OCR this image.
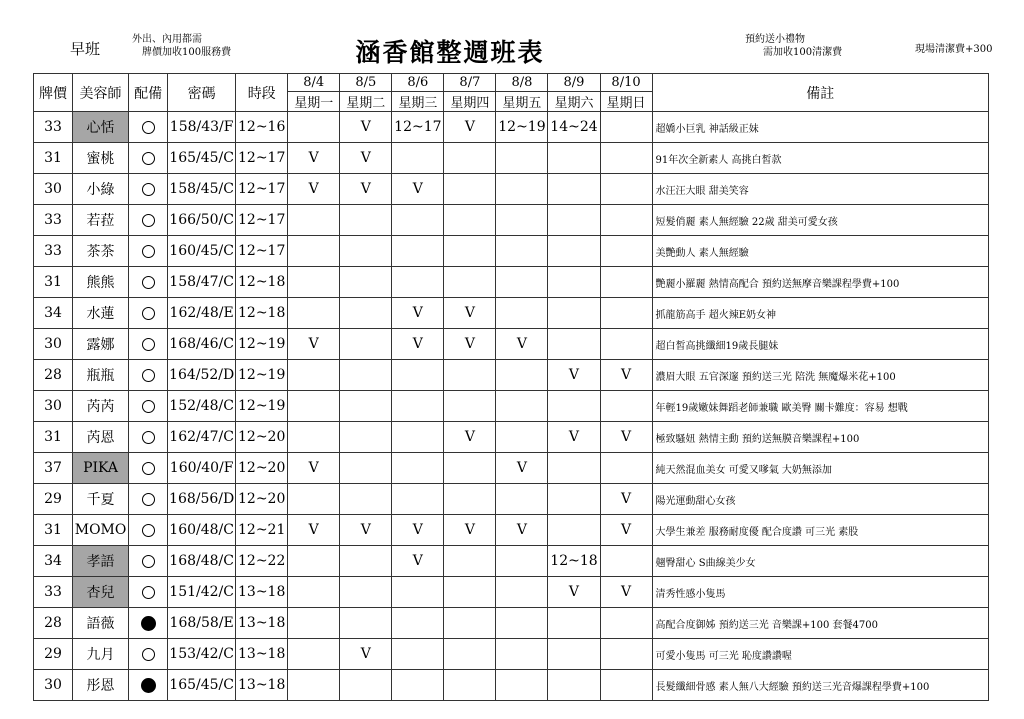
早班
外出、內用都需
牌價加收100服務費	涵香館整週班表	預約送小禮物
需加收100清潔費	現場清潔費+300
牌價	美容師	配備	密碼	時段	8/4	8/5	8/6	8/7	8/8	8/9	8/10	備註
					星期一	星期二	星期三	星期四	星期五	星期六	星期日	
33	心恬		158/43/F	12~16		V	12~17	V	12~19	14~24		超嬌小巨乳 神話級正妹
31	蜜桃		165/45/C	12~17	V	V						91年次全新素人 高挑白皙款
30	小綠		158/45/C	12~17	V	V	V					水汪汪大眼 甜美笑容
33	若菈		166/50/C	12~17								短髮俏麗 素人無經驗 22歲 甜美可愛女孩
33	茶茶		160/45/C	12~17								美艷動人 素人無經驗
31	熊熊		158/47/C	12~18								艷麗小羅麗 熱情高配合 預約送無摩音樂課程學費+100
34	水蓮		162/48/E	12~18			V	V				抓龍筋高手 超火辣E奶女神
30	露娜		168/46/C	12~19	V		V	V	V			超白皙高挑纖細19歲長腿妹
28	瓶瓶		164/52/D	12~19						V	V	濃眉大眼 五官深邃 預約送三光 陪洗 無魔爆米花+100
30	芮芮		152/48/C	12~19								年輕19歲嫩妹舞蹈老師兼職 歐美臀 關卡難度：容易 想戰
31	芮恩		162/47/C	12~20				V		V	V	極致騷妞 熱情主動 預約送無膜音樂課程+100
37	PIKA		160/40/F	12~20	V				V			純天然混血美女 可愛又嗲氣 大奶無添加
29	千夏		168/56/D	12~20							V	陽光運動甜心女孩
31	MOMO		160/48/C	12~21	V	V	V	V	V		V	大學生兼差 服務耐度優 配合度讚 可三光 素股
34	孝語		168/48/C	12~22			V			12~18		翹臀甜心 S曲線美少女
33	杏兒		151/42/C	13~18						V	V	清秀性感小隻馬
28	語薇		168/58/E	13~18								高配合度御姊 預約送三光 音樂課+100 套餐4700
29	九月		153/42/C	13~18		V						可愛小隻馬 可三光 恥度讚讚喔
30	彤恩		165/45/C	13~18								長髮纖細骨感 素人無八大經驗 預約送三光音爆課程學費+100
